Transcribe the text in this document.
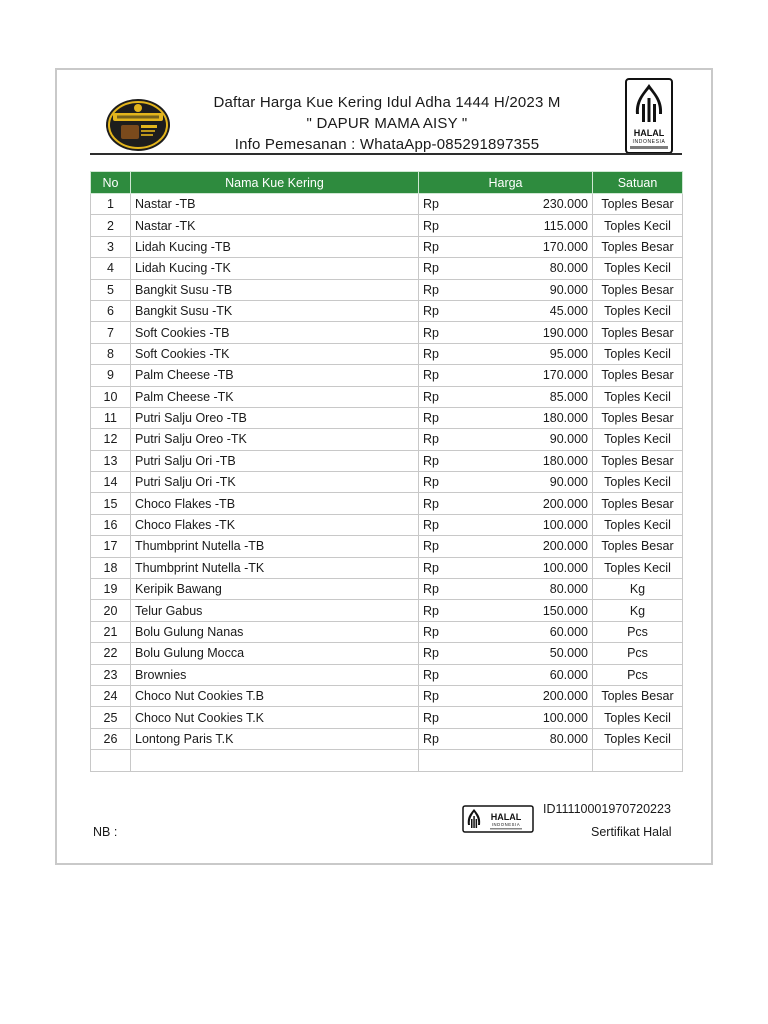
Daftar Harga Kue Kering Idul Adha 1444 H/2023 M
" DAPUR MAMA AISY "
Info Pemesanan : WhataApp-085291897355
HALAL
INDONESIA
No	Nama Kue Kering	Harga		Satuan
1	Nastar -TB	Rp	230.000	Toples Besar
2	Nastar -TK	Rp	115.000	Toples Kecil
3	Lidah Kucing -TB	Rp	170.000	Toples Besar
4	Lidah Kucing -TK	Rp	80.000	Toples Kecil
5	Bangkit Susu -TB	Rp	90.000	Toples Besar
6	Bangkit Susu -TK	Rp	45.000	Toples Kecil
7	Soft Cookies -TB	Rp	190.000	Toples Besar
8	Soft Cookies -TK	Rp	95.000	Toples Kecil
9	Palm Cheese -TB	Rp	170.000	Toples Besar
10	Palm Cheese -TK	Rp	85.000	Toples Kecil
11	Putri Salju Oreo -TB	Rp	180.000	Toples Besar
12	Putri Salju Oreo -TK	Rp	90.000	Toples Kecil
13	Putri Salju Ori -TB	Rp	180.000	Toples Besar
14	Putri Salju Ori -TK	Rp	90.000	Toples Kecil
15	Choco Flakes -TB	Rp	200.000	Toples Besar
16	Choco Flakes -TK	Rp	100.000	Toples Kecil
17	Thumbprint Nutella -TB	Rp	200.000	Toples Besar
18	Thumbprint Nutella -TK	Rp	100.000	Toples Kecil
19	Keripik Bawang	Rp	80.000	Kg
20	Telur Gabus	Rp	150.000	Kg
21	Bolu Gulung Nanas	Rp	60.000	Pcs
22	Bolu Gulung Mocca	Rp	50.000	Pcs
23	Brownies	Rp	60.000	Pcs
24	Choco Nut Cookies T.B	Rp	200.000	Toples Besar
25	Choco Nut Cookies T.K	Rp	100.000	Toples Kecil
26	Lontong Paris T.K	Rp	80.000	Toples Kecil

NB :
HALAL
INDONESIA
ID11110001970720223
Sertifikat Halal
